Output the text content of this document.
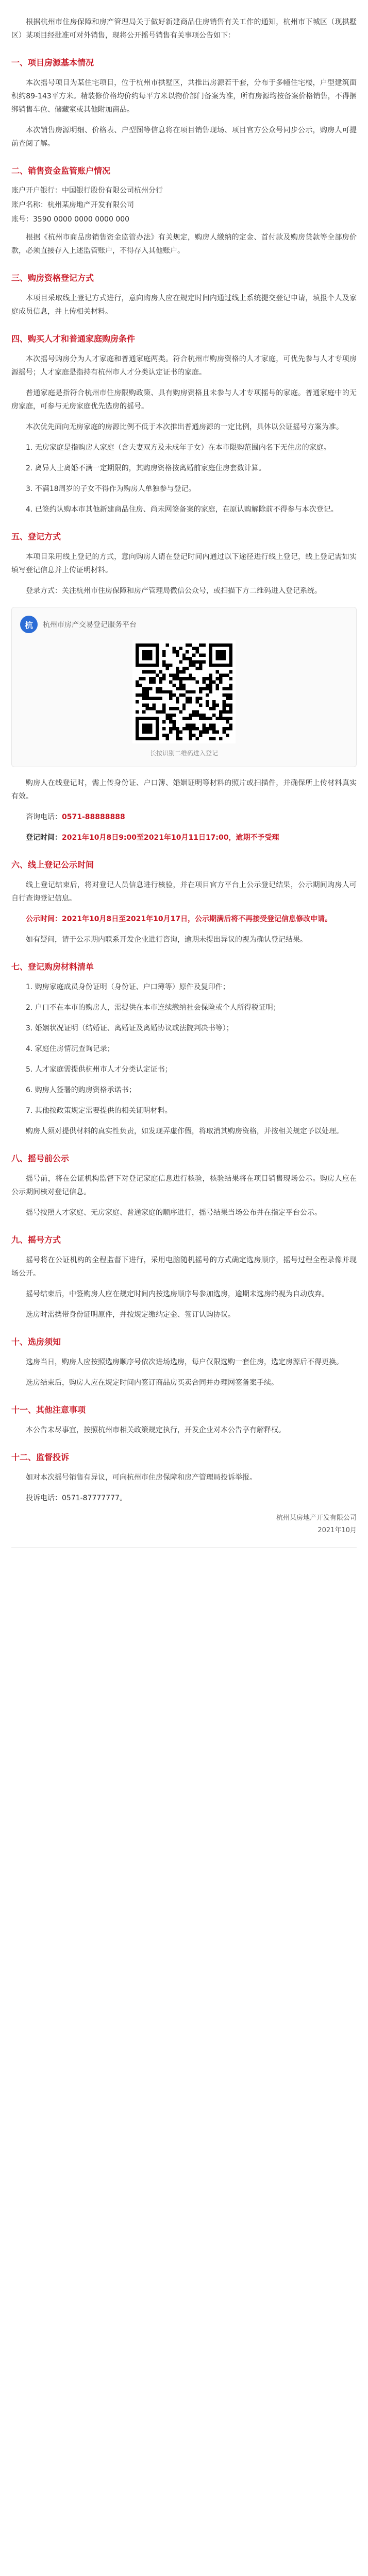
根据杭州市住房保障和房产管理局关于做好新建商品住房销售有关工作的通知，杭州市下城区（现拱墅区）某项目经批准可对外销售，现将公开摇号销售有关事项公告如下：

一、项目房源基本情况

本次摇号项目为某住宅项目，位于杭州市拱墅区，共推出房源若干套，分布于多幢住宅楼，户型建筑面积约89-143平方米。精装修价格均价约每平方米以物价部门备案为准，所有房源均按备案价格销售，不得捆绑销售车位、储藏室或其他附加商品。

本次销售房源明细、价格表、户型图等信息将在项目销售现场、项目官方公众号同步公示，购房人可提前查阅了解。

二、销售资金监管账户情况
账户开户银行：中国银行股份有限公司杭州分行
账户名称：杭州某房地产开发有限公司
账号：3590 0000 0000 0000 000

根据《杭州市商品房销售资金监管办法》有关规定，购房人缴纳的定金、首付款及购房贷款等全部房价款，必须直接存入上述监管账户，不得存入其他账户。

三、购房资格登记方式

本项目采取线上登记方式进行，意向购房人应在规定时间内通过线上系统提交登记申请，填报个人及家庭成员信息，并上传相关材料。

四、购买人才和普通家庭购房条件

本次摇号购房分为人才家庭和普通家庭两类。符合杭州市购房资格的人才家庭，可优先参与人才专项房源摇号；人才家庭是指持有杭州市人才分类认定证书的家庭。

普通家庭是指符合杭州市住房限购政策、具有购房资格且未参与人才专项摇号的家庭。普通家庭中的无房家庭，可参与无房家庭优先选房的摇号。

本次优先面向无房家庭的房源比例不低于本次推出普通房源的一定比例，具体以公证摇号方案为准。

1. 无房家庭是指购房人家庭（含夫妻双方及未成年子女）在本市限购范围内名下无住房的家庭。

2. 离异人士离婚不满一定期限的，其购房资格按离婚前家庭住房套数计算。

3. 不满18周岁的子女不得作为购房人单独参与登记。

4. 已签约认购本市其他新建商品住房、尚未网签备案的家庭，在原认购解除前不得参与本次登记。

五、登记方式

本项目采用线上登记的方式，意向购房人请在登记时间内通过以下途径进行线上登记，线上登记需如实填写登记信息并上传证明材料。

登录方式：关注杭州市住房保障和房产管理局微信公众号，或扫描下方二维码进入登记系统。

杭	杭州市房产交易登记服务平台
长按识别二维码进入登记

购房人在线登记时，需上传身份证、户口簿、婚姻证明等材料的照片或扫描件，并确保所上传材料真实有效。

咨询电话：0571-88888888

登记时间：2021年10月8日9:00至2021年10月11日17:00，逾期不予受理

六、线上登记公示时间

线上登记结束后，将对登记人员信息进行核验，并在项目官方平台上公示登记结果，公示期间购房人可自行查询登记信息。

公示时间：2021年10月8日至2021年10月17日，公示期满后将不再接受登记信息修改申请。

如有疑问，请于公示期内联系开发企业进行咨询，逾期未提出异议的视为确认登记结果。

七、登记购房材料清单

1. 购房家庭成员身份证明（身份证、户口簿等）原件及复印件；

2. 户口不在本市的购房人，需提供在本市连续缴纳社会保险或个人所得税证明；

3. 婚姻状况证明（结婚证、离婚证及离婚协议或法院判决书等）；

4. 家庭住房情况查询记录；

5. 人才家庭需提供杭州市人才分类认定证书；

6. 购房人签署的购房资格承诺书；

7. 其他按政策规定需要提供的相关证明材料。

购房人须对提供材料的真实性负责，如发现弄虚作假，将取消其购房资格，并按相关规定予以处理。

八、摇号前公示

摇号前，将在公证机构监督下对登记家庭信息进行核验，核验结果将在项目销售现场公示。购房人应在公示期间核对登记信息。

摇号按照人才家庭、无房家庭、普通家庭的顺序进行，摇号结果当场公布并在指定平台公示。

九、摇号方式

摇号将在公证机构的全程监督下进行，采用电脑随机摇号的方式确定选房顺序，摇号过程全程录像并现场公开。

摇号结束后，中签购房人应在规定时间内按选房顺序号参加选房，逾期未选房的视为自动放弃。

选房时需携带身份证明原件，并按规定缴纳定金、签订认购协议。

十、选房须知

选房当日，购房人应按照选房顺序号依次进场选房，每户仅限选购一套住房，选定房源后不得更换。

选房结束后，购房人应在规定时间内签订商品房买卖合同并办理网签备案手续。

十一、其他注意事项

本公告未尽事宜，按照杭州市相关政策规定执行，开发企业对本公告享有解释权。

十二、监督投诉

如对本次摇号销售有异议，可向杭州市住房保障和房产管理局投诉举报。

投诉电话：0571-87777777。

杭州某房地产开发有限公司
2021年10月
